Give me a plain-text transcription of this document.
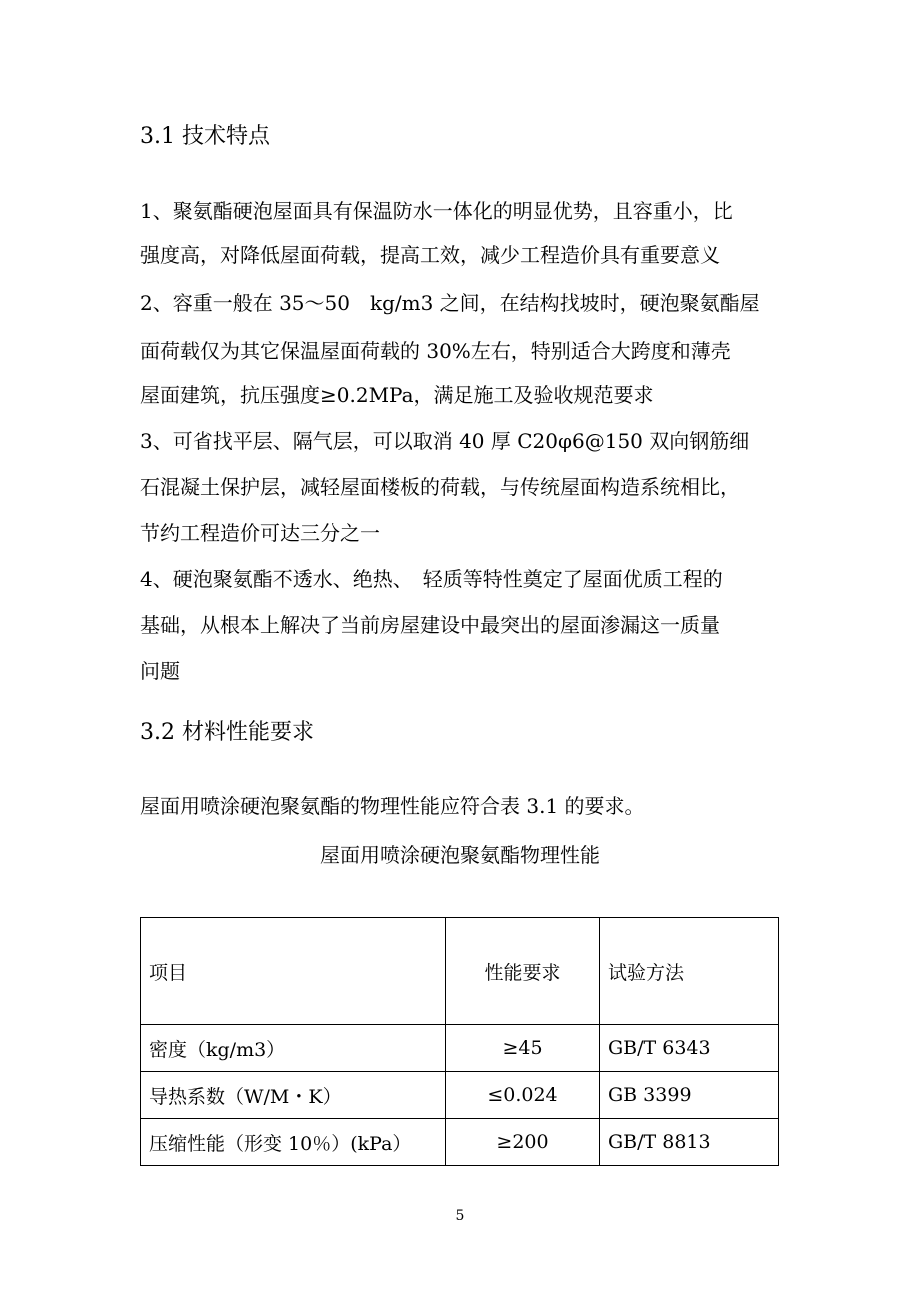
3.1 技术特点
1、聚氨酯硬泡屋面具有保温防水一体化的明显优势，且容重小，比
强度高，对降低屋面荷载，提高工效，减少工程造价具有重要意义
2、容重一般在 35～50　kg/m3 之间，在结构找坡时，硬泡聚氨酯屋
面荷载仅为其它保温屋面荷载的 30%左右，特别适合大跨度和薄壳
屋面建筑，抗压强度≥0.2MPa，满足施工及验收规范要求
3、可省找平层、隔气层，可以取消 40 厚 C20φ6@150 双向钢筋细
石混凝土保护层，减轻屋面楼板的荷载，与传统屋面构造系统相比，
节约工程造价可达三分之一
4、硬泡聚氨酯不透水、绝热、　轻质等特性奠定了屋面优质工程的
基础，从根本上解决了当前房屋建设中最突出的屋面渗漏这一质量
问题
3.2 材料性能要求
屋面用喷涂硬泡聚氨酯的物理性能应符合表 3.1 的要求。
屋面用喷涂硬泡聚氨酯物理性能
项目	性能要求	试验方法
密度（kg/m3）	≥45	GB/T 6343
导热系数（W/M・K）	≤0.024	GB 3399
压缩性能（形变 10％）(kPa）	≥200	GB/T 8813
5
